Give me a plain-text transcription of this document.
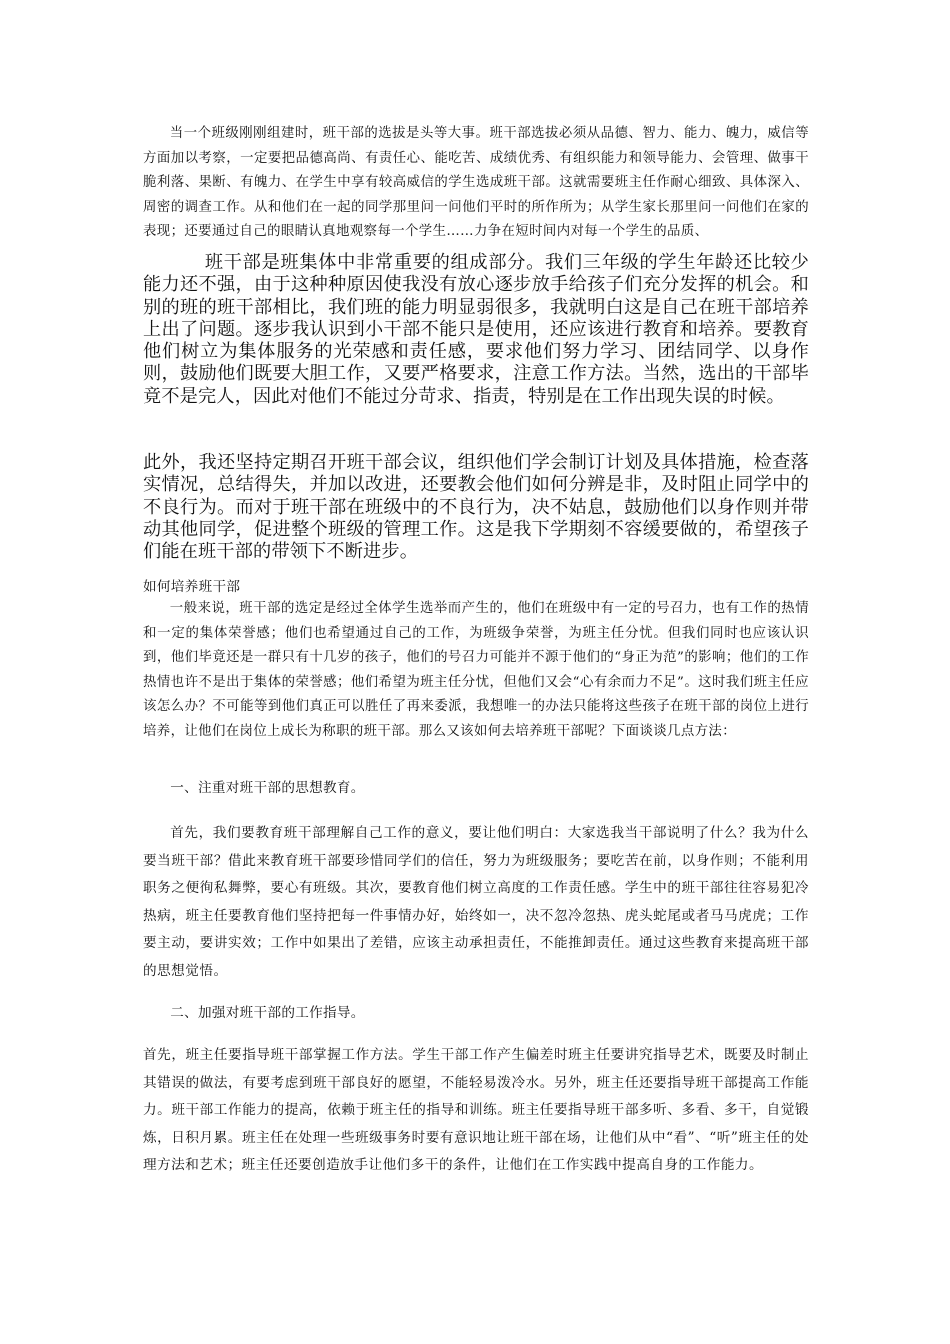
当一个班级刚刚组建时，班干部的选拔是头等大事。班干部选拔必须从品德、智力、能力、魄力，威信等方面加以考察，一定要把品德高尚、有责任心、能吃苦、成绩优秀、有组织能力和领导能力、会管理、做事干脆利落、果断、有魄力、在学生中享有较高威信的学生选成班干部。这就需要班主任作耐心细致、具体深入、周密的调查工作。从和他们在一起的同学那里问一问他们平时的所作所为；从学生家长那里问一问他们在家的表现；还要通过自己的眼睛认真地观察每一个学生……力争在短时间内对每一个学生的品质、

班干部是班集体中非常重要的组成部分。我们三年级的学生年龄还比较少能力还不强，由于这种种原因使我没有放心逐步放手给孩子们充分发挥的机会。和别的班的班干部相比，我们班的能力明显弱很多，我就明白这是自己在班干部培养上出了问题。逐步我认识到小干部不能只是使用，还应该进行教育和培养。要教育他们树立为集体服务的光荣感和责任感，要求他们努力学习、团结同学、以身作则，鼓励他们既要大胆工作，又要严格要求，注意工作方法。当然，选出的干部毕竟不是完人，因此对他们不能过分苛求、指责，特别是在工作出现失误的时候。

此外，我还坚持定期召开班干部会议，组织他们学会制订计划及具体措施，检查落实情况，总结得失，并加以改进，还要教会他们如何分辨是非，及时阻止同学中的不良行为。而对于班干部在班级中的不良行为，决不姑息，鼓励他们以身作则并带动其他同学，促进整个班级的管理工作。这是我下学期刻不容缓要做的，希望孩子们能在班干部的带领下不断进步。

如何培养班干部

一般来说，班干部的选定是经过全体学生选举而产生的，他们在班级中有一定的号召力，也有工作的热情和一定的集体荣誉感；他们也希望通过自己的工作，为班级争荣誉，为班主任分忧。但我们同时也应该认识到，他们毕竟还是一群只有十几岁的孩子，他们的号召力可能并不源于他们的“身正为范”的影响；他们的工作热情也许不是出于集体的荣誉感；他们希望为班主任分忧，但他们又会“心有余而力不足”。这时我们班主任应该怎么办？不可能等到他们真正可以胜任了再来委派，我想唯一的办法只能将这些孩子在班干部的岗位上进行培养，让他们在岗位上成长为称职的班干部。那么又该如何去培养班干部呢？下面谈谈几点方法：

一、注重对班干部的思想教育。

首先，我们要教育班干部理解自己工作的意义，要让他们明白：大家选我当干部说明了什么？我为什么要当班干部？借此来教育班干部要珍惜同学们的信任，努力为班级服务；要吃苦在前，以身作则；不能利用职务之便徇私舞弊，要心有班级。其次，要教育他们树立高度的工作责任感。学生中的班干部往往容易犯冷热病，班主任要教育他们坚持把每一件事情办好，始终如一，决不忽冷忽热、虎头蛇尾或者马马虎虎；工作要主动，要讲实效；工作中如果出了差错，应该主动承担责任，不能推卸责任。通过这些教育来提高班干部的思想觉悟。

二、加强对班干部的工作指导。

首先，班主任要指导班干部掌握工作方法。学生干部工作产生偏差时班主任要讲究指导艺术，既要及时制止其错误的做法，有要考虑到班干部良好的愿望，不能轻易泼冷水。另外，班主任还要指导班干部提高工作能力。班干部工作能力的提高，依赖于班主任的指导和训练。班主任要指导班干部多听、多看、多干，自觉锻炼，日积月累。班主任在处理一些班级事务时要有意识地让班干部在场，让他们从中“看”、“听”班主任的处理方法和艺术；班主任还要创造放手让他们多干的条件，让他们在工作实践中提高自身的工作能力。
